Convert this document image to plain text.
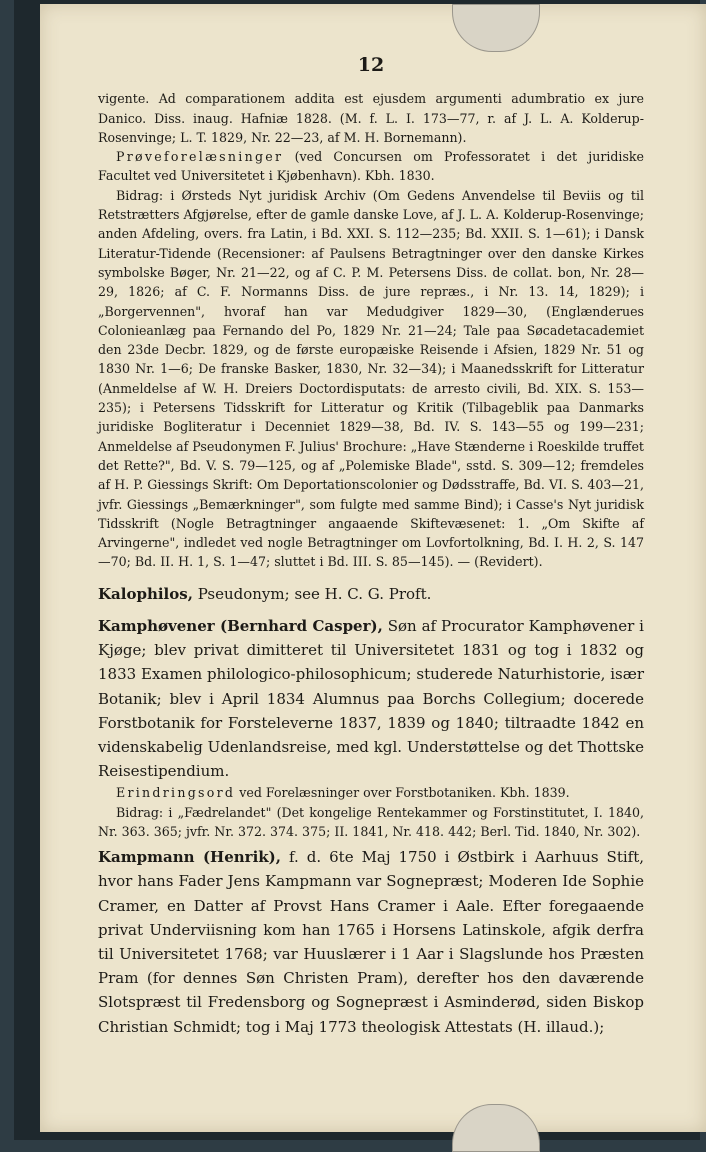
12

vigente. Ad comparationem addita est ejusdem argumenti adumbratio ex jure Danico. Diss. inaug. Hafniæ 1828. (M. f. L. I. 173—77, r. af J. L. A. Kolderup-Rosenvinge; L. T. 1829, Nr. 22—23, af M. H. Bornemann).

Prøveforelæsninger (ved Concursen om Professoratet i det juridiske Facultet ved Universitetet i Kjøbenhavn). Kbh. 1830.

Bidrag: i Ørsteds Nyt juridisk Archiv (Om Gedens Anvendelse til Beviis og til Retstrætters Afgjørelse, efter de gamle danske Love, af J. L. A. Kolderup-Rosenvinge; anden Afdeling, overs. fra Latin, i Bd. XXI. S. 112—235; Bd. XXII. S. 1—61); i Dansk Literatur-Tidende (Recensioner: af Paulsens Betragtninger over den danske Kirkes symbolske Bøger, Nr. 21—22, og af C. P. M. Petersens Diss. de collat. bon, Nr. 28—29, 1826; af C. F. Normanns Diss. de jure repræs., i Nr. 13. 14, 1829); i „Borgervennen", hvoraf han var Medudgiver 1829—30, (Englænderues Colonieanlæg paa Fernando del Po, 1829 Nr. 21—24; Tale paa Søcadetacademiet den 23de Decbr. 1829, og de første europæiske Reisende i Afsien, 1829 Nr. 51 og 1830 Nr. 1—6; De franske Basker, 1830, Nr. 32—34); i Maanedsskrift for Litteratur (Anmeldelse af W. H. Dreiers Doctordisputats: de arresto civili, Bd. XIX. S. 153—235); i Petersens Tidsskrift for Litteratur og Kritik (Tilbageblik paa Danmarks juridiske Bogliteratur i Decenniet 1829—38, Bd. IV. S. 143—55 og 199—231; Anmeldelse af Pseudonymen F. Julius' Brochure: „Have Stænderne i Roeskilde truffet det Rette?", Bd. V. S. 79—125, og af „Polemiske Blade", sstd. S. 309—12; fremdeles af H. P. Giessings Skrift: Om Deportationscolonier og Dødsstraffe, Bd. VI. S. 403—21, jvfr. Giessings „Bemærkninger", som fulgte med samme Bind); i Casse's Nyt juridisk Tidsskrift (Nogle Betragtninger angaaende Skiftevæsenet: 1. „Om Skifte af Arvingerne", indledet ved nogle Betragtninger om Lovfortolkning, Bd. I. H. 2, S. 147—70; Bd. II. H. 1, S. 1—47; sluttet i Bd. III. S. 85—145). — (Revidert).

Kalophilos, Pseudonym; see H. C. G. Proft.

Kamphøvener (Bernhard Casper), Søn af Procurator Kamphøvener i Kjøge; blev privat dimitteret til Universitetet 1831 og tog i 1832 og 1833 Examen philologico-philosophicum; studerede Naturhistorie, især Botanik; blev i April 1834 Alumnus paa Borchs Collegium; docerede Forstbotanik for Forsteleverne 1837, 1839 og 1840; tiltraadte 1842 en videnskabelig Udenlandsreise, med kgl. Understøttelse og det Thottske Reisestipendium.

Erindringsord ved Forelæsninger over Forstbotaniken. Kbh. 1839.

Bidrag: i „Fædrelandet" (Det kongelige Rentekammer og Forstinstitutet, I. 1840, Nr. 363. 365; jvfr. Nr. 372. 374. 375; II. 1841, Nr. 418. 442; Berl. Tid. 1840, Nr. 302).

Kampmann (Henrik), f. d. 6te Maj 1750 i Østbirk i Aarhuus Stift, hvor hans Fader Jens Kampmann var Sognepræst; Moderen Ide Sophie Cramer, en Datter af Provst Hans Cramer i Aale. Efter foregaaende privat Underviisning kom han 1765 i Horsens Latinskole, afgik derfra til Universitetet 1768; var Huuslærer i 1 Aar i Slagslunde hos Præsten Pram (for dennes Søn Christen Pram), derefter hos den daværende Slotspræst til Fredensborg og Sognepræst i Asminderød, siden Biskop Christian Schmidt; tog i Maj 1773 theologisk Attestats (H. illaud.);
